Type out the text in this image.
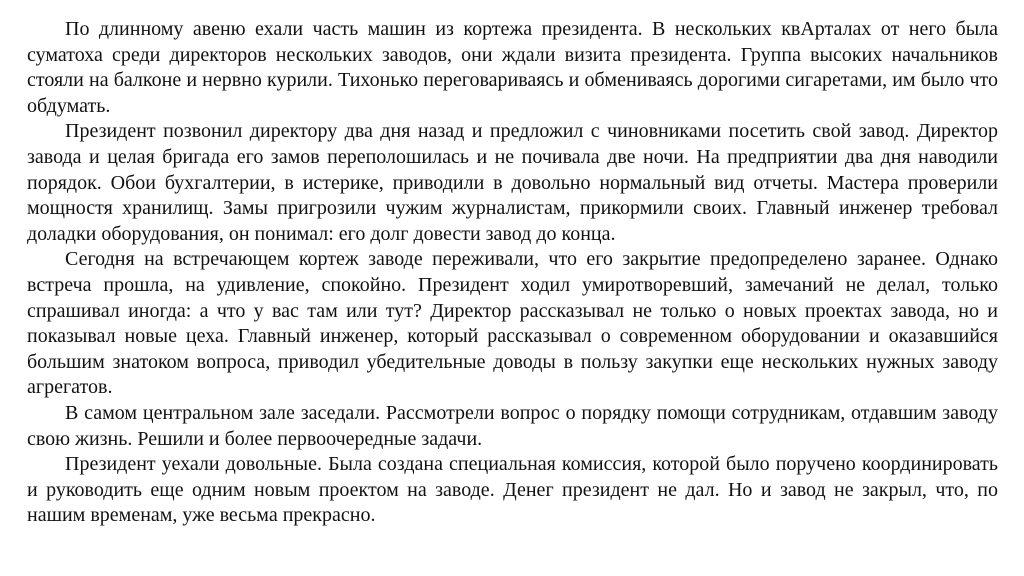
По длинному авеню ехали часть машин из кортежа президента. В нескольких квАрталах от него была суматоха среди директоров нескольких заводов, они ждали визита президента. Группа высоких начальников стояли на балконе и нервно курили. Тихонько переговариваясь и обмениваясь дорогими сигаретами, им было что обдумать.

Президент позвонил директору два дня назад и предложил с чиновниками посетить свой завод. Директор завода и целая бригада его замов переполошилась и не почивала две ночи. На предприятии два дня наводили порядок. Обои бухгалтерии, в истерике, приводили в довольно нормальный вид отчеты. Мастера проверили мощностя хранилищ. Замы пригрозили чужим журналистам, прикормили своих. Главный инженер требовал доладки оборудования, он понимал: его долг довести завод до конца.

Сегодня на встречающем кортеж заводе переживали, что его закрытие предопределено заранее. Однако встреча прошла, на удивление, спокойно. Президент ходил умиротворевший, замечаний не делал, только спрашивал иногда: а что у вас там или тут? Директор рассказывал не только о новых проектах завода, но и показывал новые цеха. Главный инженер, который рассказывал о современном оборудовании и оказавшийся большим знатоком вопроса, приводил убедительные доводы в пользу закупки еще нескольких нужных заводу агрегатов.

В самом центральном зале заседали. Рассмотрели вопрос о порядку помощи сотрудникам, отдавшим заводу свою жизнь. Решили и более первоочередные задачи.

Президент уехали довольные. Была создана специальная комиссия, которой было поручено координировать и руководить еще одним новым проектом на заводе. Денег президент не дал. Но и завод не закрыл, что, по нашим временам, уже весьма прекрасно.
